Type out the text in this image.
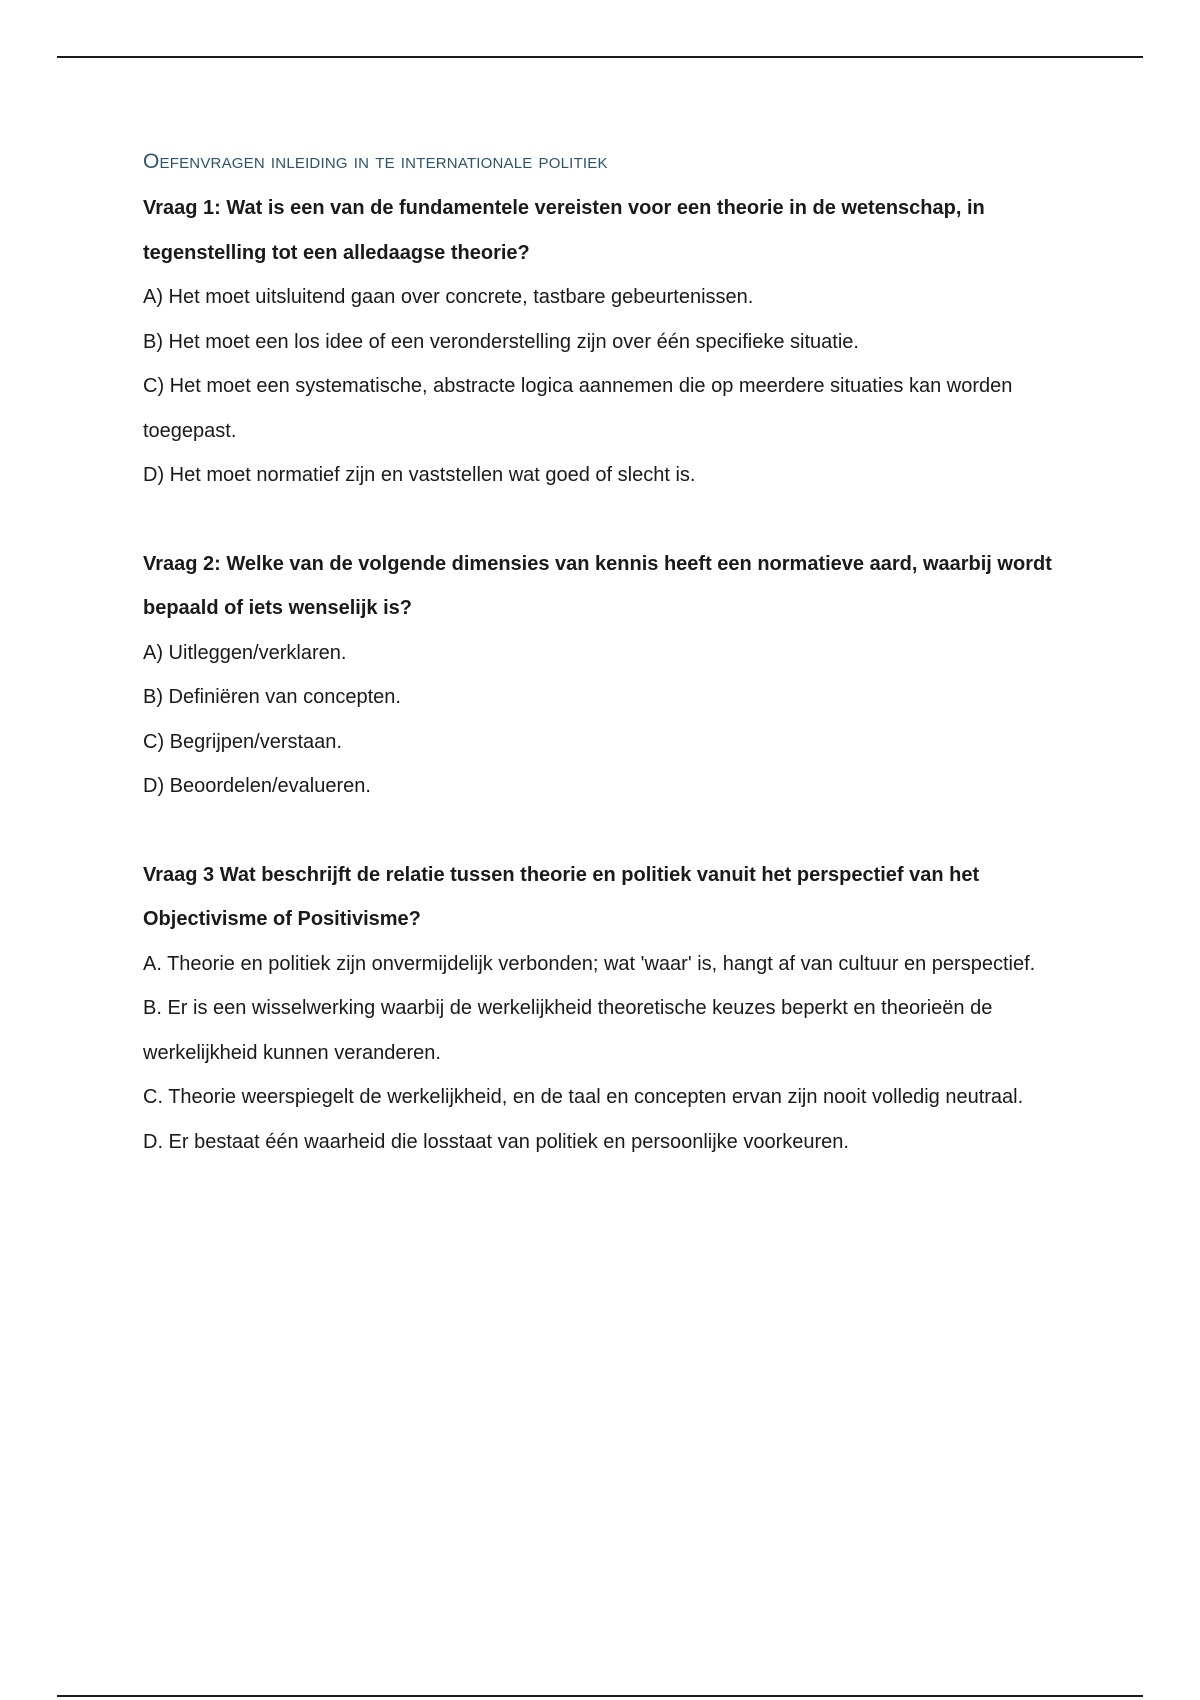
Oefenvragen inleiding in te internationale politiek

Vraag 1: Wat is een van de fundamentele vereisten voor een theorie in de wetenschap, in tegenstelling tot een alledaagse theorie?

A) Het moet uitsluitend gaan over concrete, tastbare gebeurtenissen.
B) Het moet een los idee of een veronderstelling zijn over één specifieke situatie.
C) Het moet een systematische, abstracte logica aannemen die op meerdere situaties kan worden toegepast.
D) Het moet normatief zijn en vaststellen wat goed of slecht is.

Vraag 2: Welke van de volgende dimensies van kennis heeft een normatieve aard, waarbij wordt bepaald of iets wenselijk is?

A) Uitleggen/verklaren.
B) Definiëren van concepten.
C) Begrijpen/verstaan.
D) Beoordelen/evalueren.

Vraag 3 Wat beschrijft de relatie tussen theorie en politiek vanuit het perspectief van het Objectivisme of Positivisme?

A. Theorie en politiek zijn onvermijdelijk verbonden; wat 'waar' is, hangt af van cultuur en perspectief.
B. Er is een wisselwerking waarbij de werkelijkheid theoretische keuzes beperkt en theorieën de werkelijkheid kunnen veranderen.
C. Theorie weerspiegelt de werkelijkheid, en de taal en concepten ervan zijn nooit volledig neutraal.
D. Er bestaat één waarheid die losstaat van politiek en persoonlijke voorkeuren.
